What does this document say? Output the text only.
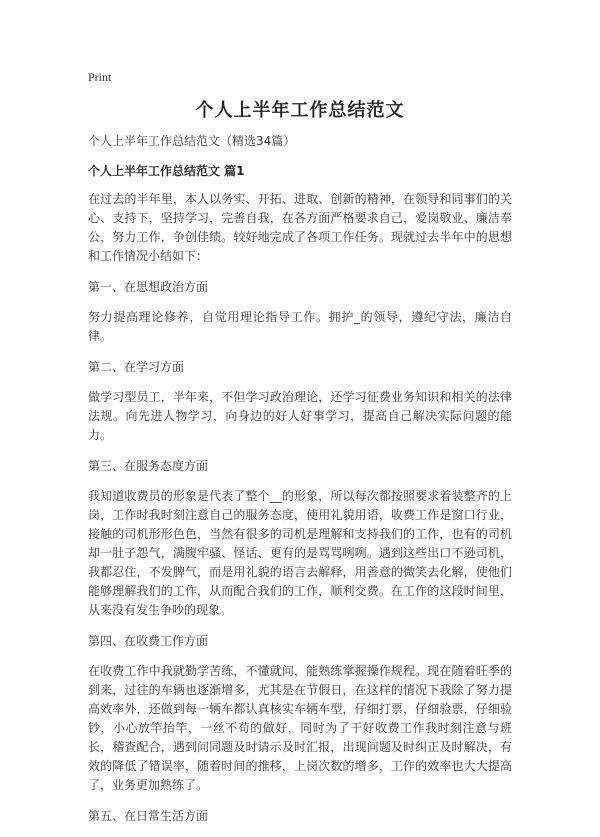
Print
个人上半年工作总结范文
个人上半年工作总结范文（精选34篇）
个人上半年工作总结范文 篇1

在过去的半年里，本人以务实、开拓、进取、创新的精神，在领导和同事们的关心、支持下，坚持学习，完善自我，在各方面严格要求自己，爱岗敬业、廉洁奉公，努力工作，争创佳绩。较好地完成了各项工作任务。现就过去半年中的思想和工作情况小结如下：

第一、在思想政治方面

努力提高理论修养，自觉用理论指导工作。拥护_的领导，遵纪守法，廉洁自律。

第二、在学习方面

做学习型员工，半年来，不但学习政治理论，还学习征费业务知识和相关的法律法规。向先进人物学习，向身边的好人好事学习，提高自己解决实际问题的能力。

第三、在服务态度方面

我知道收费员的形象是代表了整个__的形象，所以每次都按照要求着装整齐的上岗，工作时我时刻注意自己的服务态度，使用礼貌用语，收费工作是窗口行业，接触的司机形形色色，当然有很多的司机是理解和支持我们的工作，也有的司机却一肚子怨气，满腹牢骚、怪话、更有的是骂骂咧咧。遇到这些出口不逊司机，我都忍住，不发脾气，而是用礼貌的语言去解释，用善意的微笑去化解，使他们能够理解我们的工作，从而配合我们的工作，顺利交费。在工作的这段时间里，从来没有发生争吵的现象。

第四、在收费工作方面

在收费工作中我就勤学苦练，不懂就问，能熟练掌握操作规程。现在随着旺季的到来，过往的车辆也逐渐增多，尤其是在节假日，在这样的情况下我除了努力提高效率外，还做到每一辆车都认真核实车辆车型，仔细打票，仔细验票，仔细验钞，小心放竿抬竿，一丝不苟的做好，同时为了干好收费工作我时刻注意与班长，稽查配合，遇到问同题及时请示及时汇报，出现问题及时纠正及时解决，有效的降低了错误率，随着时间的推移，上岗次数的增多，工作的效率也大大提高了，业务更加熟练了。

第五、在日常生活方面
